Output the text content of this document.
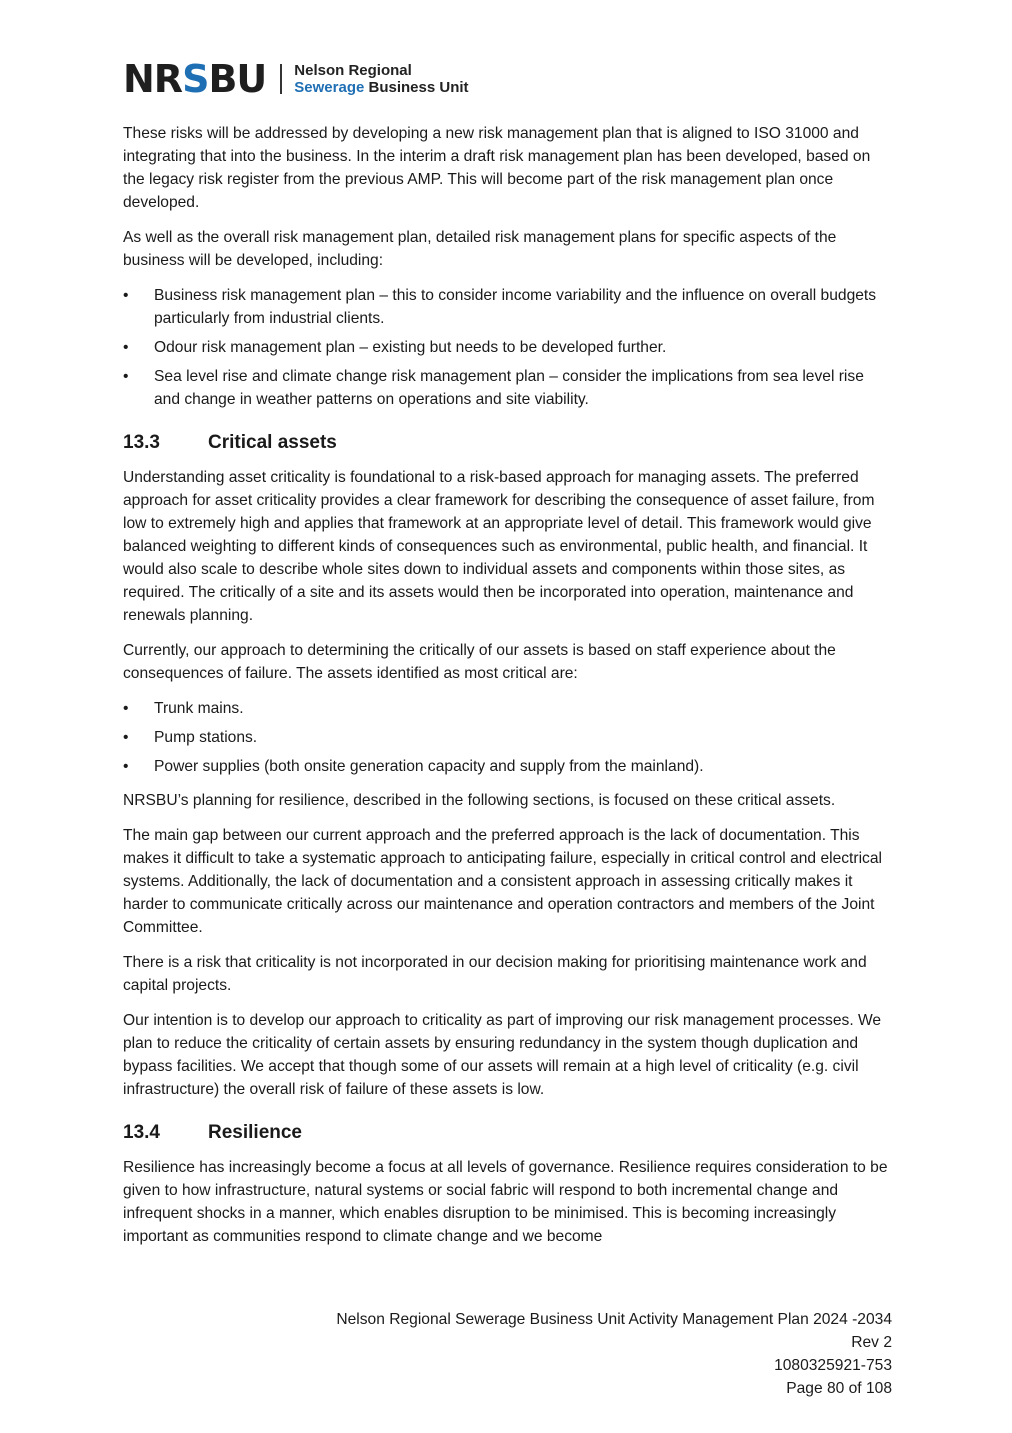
NRSBU Nelson Regional
Sewerage Business Unit

These risks will be addressed by developing a new risk management plan that is aligned to ISO 31000 and integrating that into the business. In the interim a draft risk management plan has been developed, based on the legacy risk register from the previous AMP. This will become part of the risk management plan once developed.

As well as the overall risk management plan, detailed risk management plans for specific aspects of the business will be developed, including:

• Business risk management plan – this to consider income variability and the influence on overall budgets particularly from industrial clients.
• Odour risk management plan – existing but needs to be developed further.
• Sea level rise and climate change risk management plan – consider the implications from sea level rise and change in weather patterns on operations and site viability.
13.3	Critical assets

Understanding asset criticality is foundational to a risk-based approach for managing assets. The preferred approach for asset criticality provides a clear framework for describing the consequence of asset failure, from low to extremely high and applies that framework at an appropriate level of detail. This framework would give balanced weighting to different kinds of consequences such as environmental, public health, and financial. It would also scale to describe whole sites down to individual assets and components within those sites, as required. The critically of a site and its assets would then be incorporated into operation, maintenance and renewals planning.

Currently, our approach to determining the critically of our assets is based on staff experience about the consequences of failure. The assets identified as most critical are:

• Trunk mains.
• Pump stations.
• Power supplies (both onsite generation capacity and supply from the mainland).

NRSBU’s planning for resilience, described in the following sections, is focused on these critical assets.

The main gap between our current approach and the preferred approach is the lack of documentation. This makes it difficult to take a systematic approach to anticipating failure, especially in critical control and electrical systems. Additionally, the lack of documentation and a consistent approach in assessing critically makes it harder to communicate critically across our maintenance and operation contractors and members of the Joint Committee.

There is a risk that criticality is not incorporated in our decision making for prioritising maintenance work and capital projects.

Our intention is to develop our approach to criticality as part of improving our risk management processes. We plan to reduce the criticality of certain assets by ensuring redundancy in the system though duplication and bypass facilities. We accept that though some of our assets will remain at a high level of criticality (e.g. civil infrastructure) the overall risk of failure of these assets is low.

13.4	Resilience

Resilience has increasingly become a focus at all levels of governance. Resilience requires consideration to be given to how infrastructure, natural systems or social fabric will respond to both incremental change and infrequent shocks in a manner, which enables disruption to be minimised. This is becoming increasingly important as communities respond to climate change and we become

Nelson Regional Sewerage Business Unit Activity Management Plan 2024 -2034
Rev 2
1080325921-753
Page 80 of 108
